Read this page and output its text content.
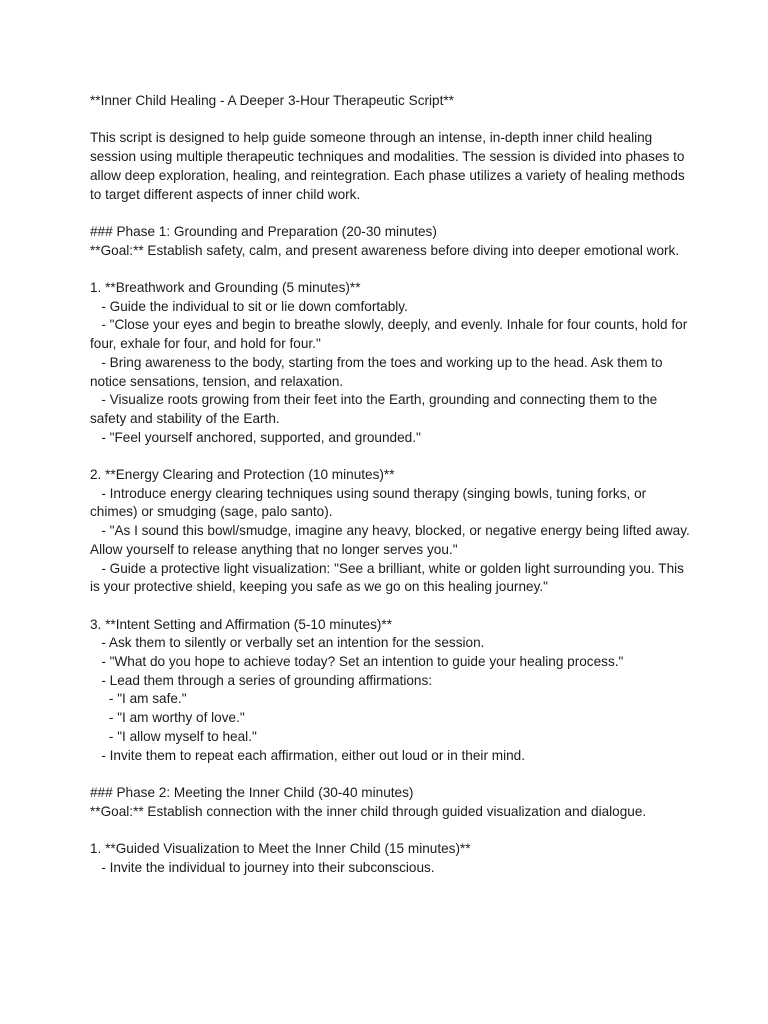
**Inner Child Healing - A Deeper 3-Hour Therapeutic Script**

This script is designed to help guide someone through an intense, in-depth inner child healing session using multiple therapeutic techniques and modalities. The session is divided into phases to allow deep exploration, healing, and reintegration. Each phase utilizes a variety of healing methods to target different aspects of inner child work.

### Phase 1: Grounding and Preparation (20-30 minutes)

**Goal:** Establish safety, calm, and present awareness before diving into deeper emotional work.

1. **Breathwork and Grounding (5 minutes)**

- Guide the individual to sit or lie down comfortably.

- "Close your eyes and begin to breathe slowly, deeply, and evenly. Inhale for four counts, hold for four, exhale for four, and hold for four."

- Bring awareness to the body, starting from the toes and working up to the head. Ask them to notice sensations, tension, and relaxation.

- Visualize roots growing from their feet into the Earth, grounding and connecting them to the safety and stability of the Earth.

- "Feel yourself anchored, supported, and grounded."

2. **Energy Clearing and Protection (10 minutes)**

- Introduce energy clearing techniques using sound therapy (singing bowls, tuning forks, or chimes) or smudging (sage, palo santo).

- "As I sound this bowl/smudge, imagine any heavy, blocked, or negative energy being lifted away. Allow yourself to release anything that no longer serves you."

- Guide a protective light visualization: "See a brilliant, white or golden light surrounding you. This is your protective shield, keeping you safe as we go on this healing journey."

3. **Intent Setting and Affirmation (5-10 minutes)**

- Ask them to silently or verbally set an intention for the session.

- "What do you hope to achieve today? Set an intention to guide your healing process."

- Lead them through a series of grounding affirmations:

- "I am safe."

- "I am worthy of love."

- "I allow myself to heal."

- Invite them to repeat each affirmation, either out loud or in their mind.

### Phase 2: Meeting the Inner Child (30-40 minutes)

**Goal:** Establish connection with the inner child through guided visualization and dialogue.

1. **Guided Visualization to Meet the Inner Child (15 minutes)**

- Invite the individual to journey into their subconscious.
